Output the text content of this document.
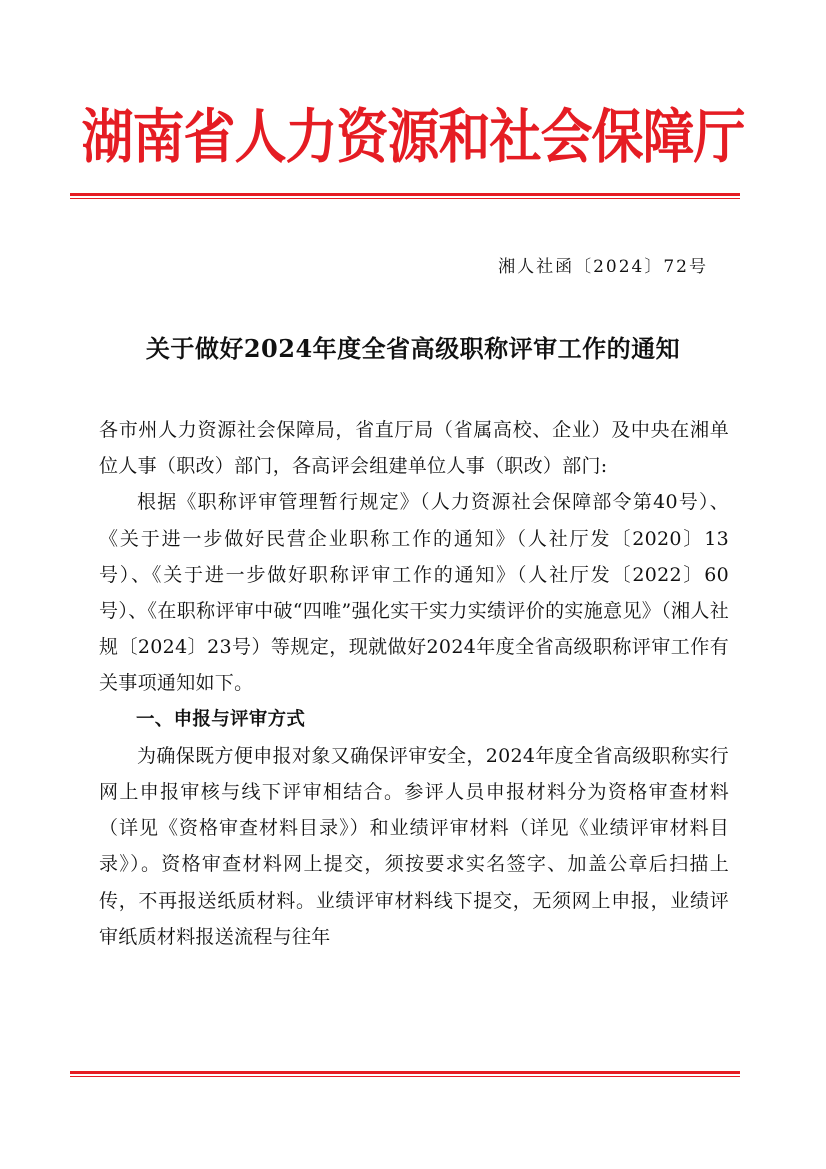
湖南省人力资源和社会保障厅
湘人社函〔2024〕72号
关于做好2024年度全省高级职称评审工作的通知

各市州人力资源社会保障局，省直厅局（省属高校、企业）及中央在湘单位人事（职改）部门，各高评会组建单位人事（职改）部门:

根据《职称评审管理暂行规定》（人力资源社会保障部令第40号）、《关于进一步做好民营企业职称工作的通知》（人社厅发〔2020〕13号）、《关于进一步做好职称评审工作的通知》（人社厅发〔2022〕60号）、《在职称评审中破“四唯”强化实干实力实绩评价的实施意见》（湘人社规〔2024〕23号）等规定，现就做好2024年度全省高级职称评审工作有关事项通知如下。

一、申报与评审方式

为确保既方便申报对象又确保评审安全，2024年度全省高级职称实行网上申报审核与线下评审相结合。参评人员申报材料分为资格审查材料（详见《资格审查材料目录》）和业绩评审材料（详见《业绩评审材料目录》）。资格审查材料网上提交，须按要求实名签字、加盖公章后扫描上传，不再报送纸质材料。业绩评审材料线下提交，无须网上申报，业绩评审纸质材料报送流程与往年
